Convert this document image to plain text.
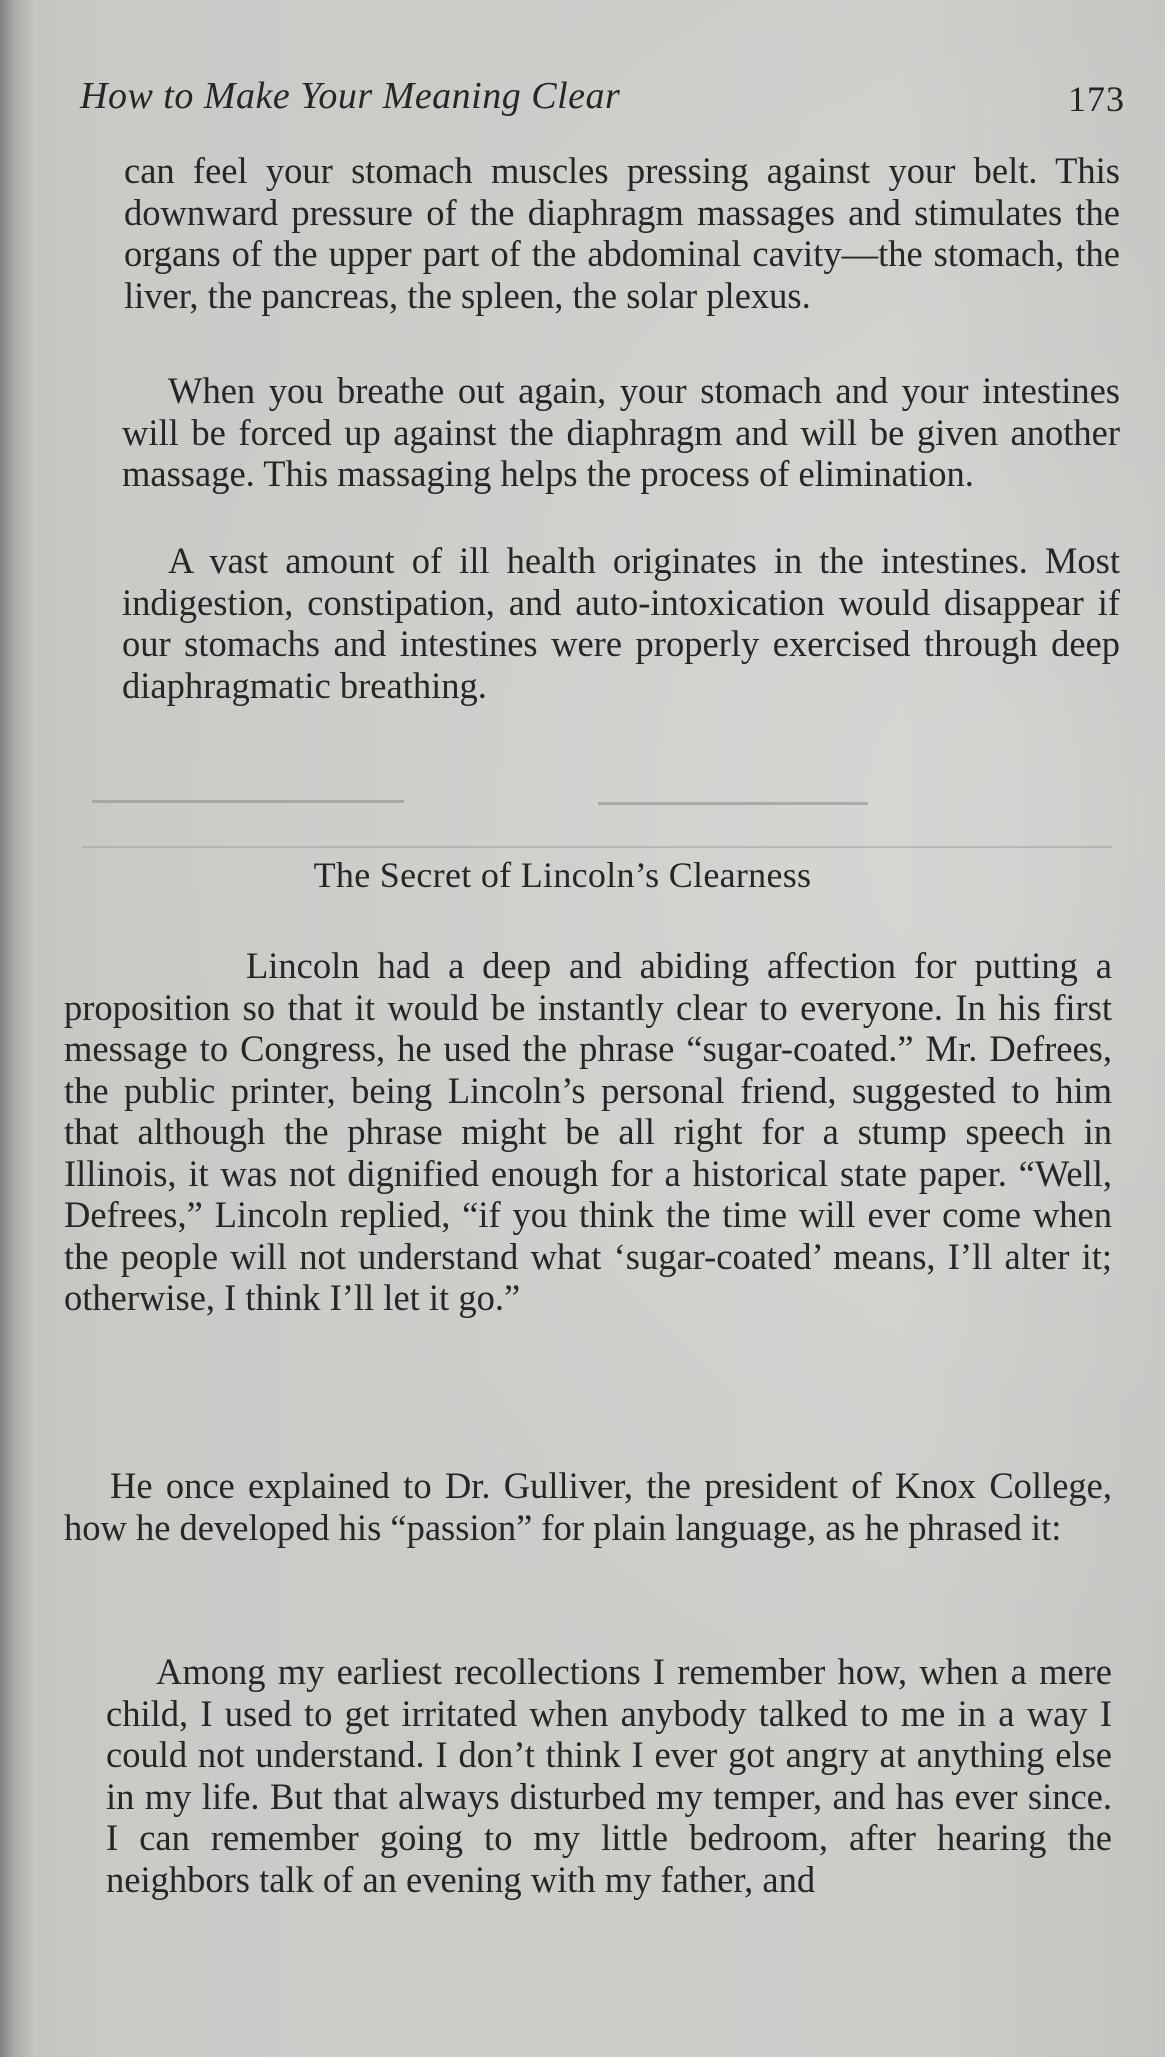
How to Make Your Meaning Clear	173

can feel your stomach muscles pressing against your belt. This downward pressure of the diaphragm massages and stimulates the organs of the upper part of the abdominal cavity—the stomach, the liver, the pancreas, the spleen, the solar plexus.

When you breathe out again, your stomach and your intestines will be forced up against the diaphragm and will be given another massage. This massaging helps the process of elimination.

A vast amount of ill health originates in the intestines. Most indigestion, constipation, and auto-intoxication would disappear if our stomachs and intestines were properly exercised through deep diaphragmatic breathing.

The Secret of Lincoln’s Clearness

Lincoln had a deep and abiding affection for putting a proposition so that it would be instantly clear to everyone. In his first message to Congress, he used the phrase “sugar-coated.” Mr. Defrees, the public printer, being Lincoln’s personal friend, suggested to him that although the phrase might be all right for a stump speech in Illinois, it was not dignified enough for a historical state paper. “Well, Defrees,” Lincoln replied, “if you think the time will ever come when the people will not understand what ‘sugar-coated’ means, I’ll alter it; otherwise, I think I’ll let it go.”

He once explained to Dr. Gulliver, the president of Knox College, how he developed his “passion” for plain language, as he phrased it:

Among my earliest recollections I remember how, when a mere child, I used to get irritated when anybody talked to me in a way I could not understand. I don’t think I ever got angry at anything else in my life. But that always disturbed my temper, and has ever since. I can remember going to my little bedroom, after hearing the neighbors talk of an evening with my father, and
